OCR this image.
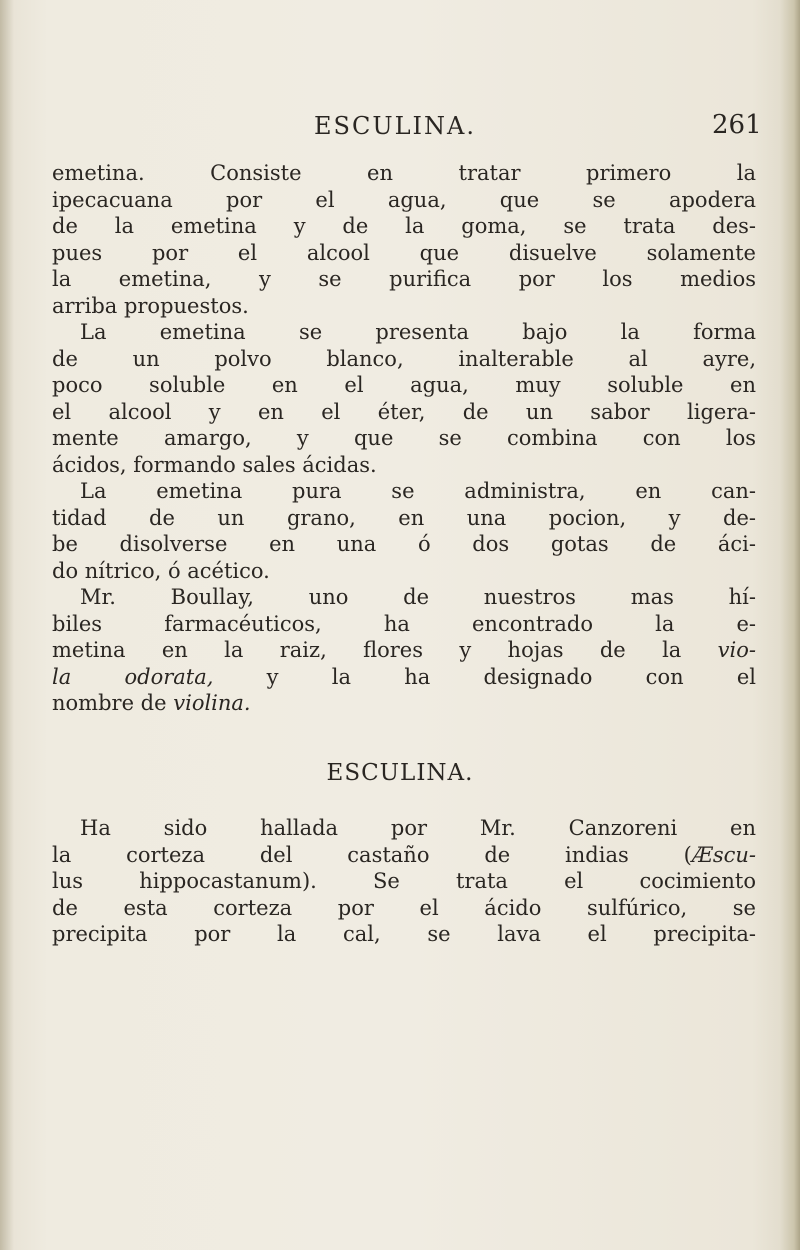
ESCULINA.	261
emetina. Consiste en tratar primero la
ipecacuana por el agua, que se apodera
de la emetina y de la goma, se trata des-
pues por el alcool que disuelve solamente
la emetina, y se purifica por los medios
arriba propuestos.
La emetina se presenta bajo la forma
de un polvo blanco, inalterable al ayre,
poco soluble en el agua, muy soluble en
el alcool y en el éter, de un sabor ligera-
mente amargo, y que se combina con los
ácidos, formando sales ácidas.
La emetina pura se administra, en can-
tidad de un grano, en una pocion, y de-
be disolverse en una ó dos gotas de áci-
do nítrico, ó acético.
Mr. Boullay, uno de nuestros mas hí-
biles farmacéuticos, ha encontrado la e-
metina en la raiz, flores y hojas de la vio-
la	odorata, y la ha designado con el
nombre de violina.
ESCULINA.
Ha sido hallada por Mr. Canzoreni en
la corteza del castaño de indias (Æscu-
lus hippocastanum). Se trata el cocimiento
de esta corteza por el ácido sulfúrico, se
precipita por la cal, se lava el precipita-
